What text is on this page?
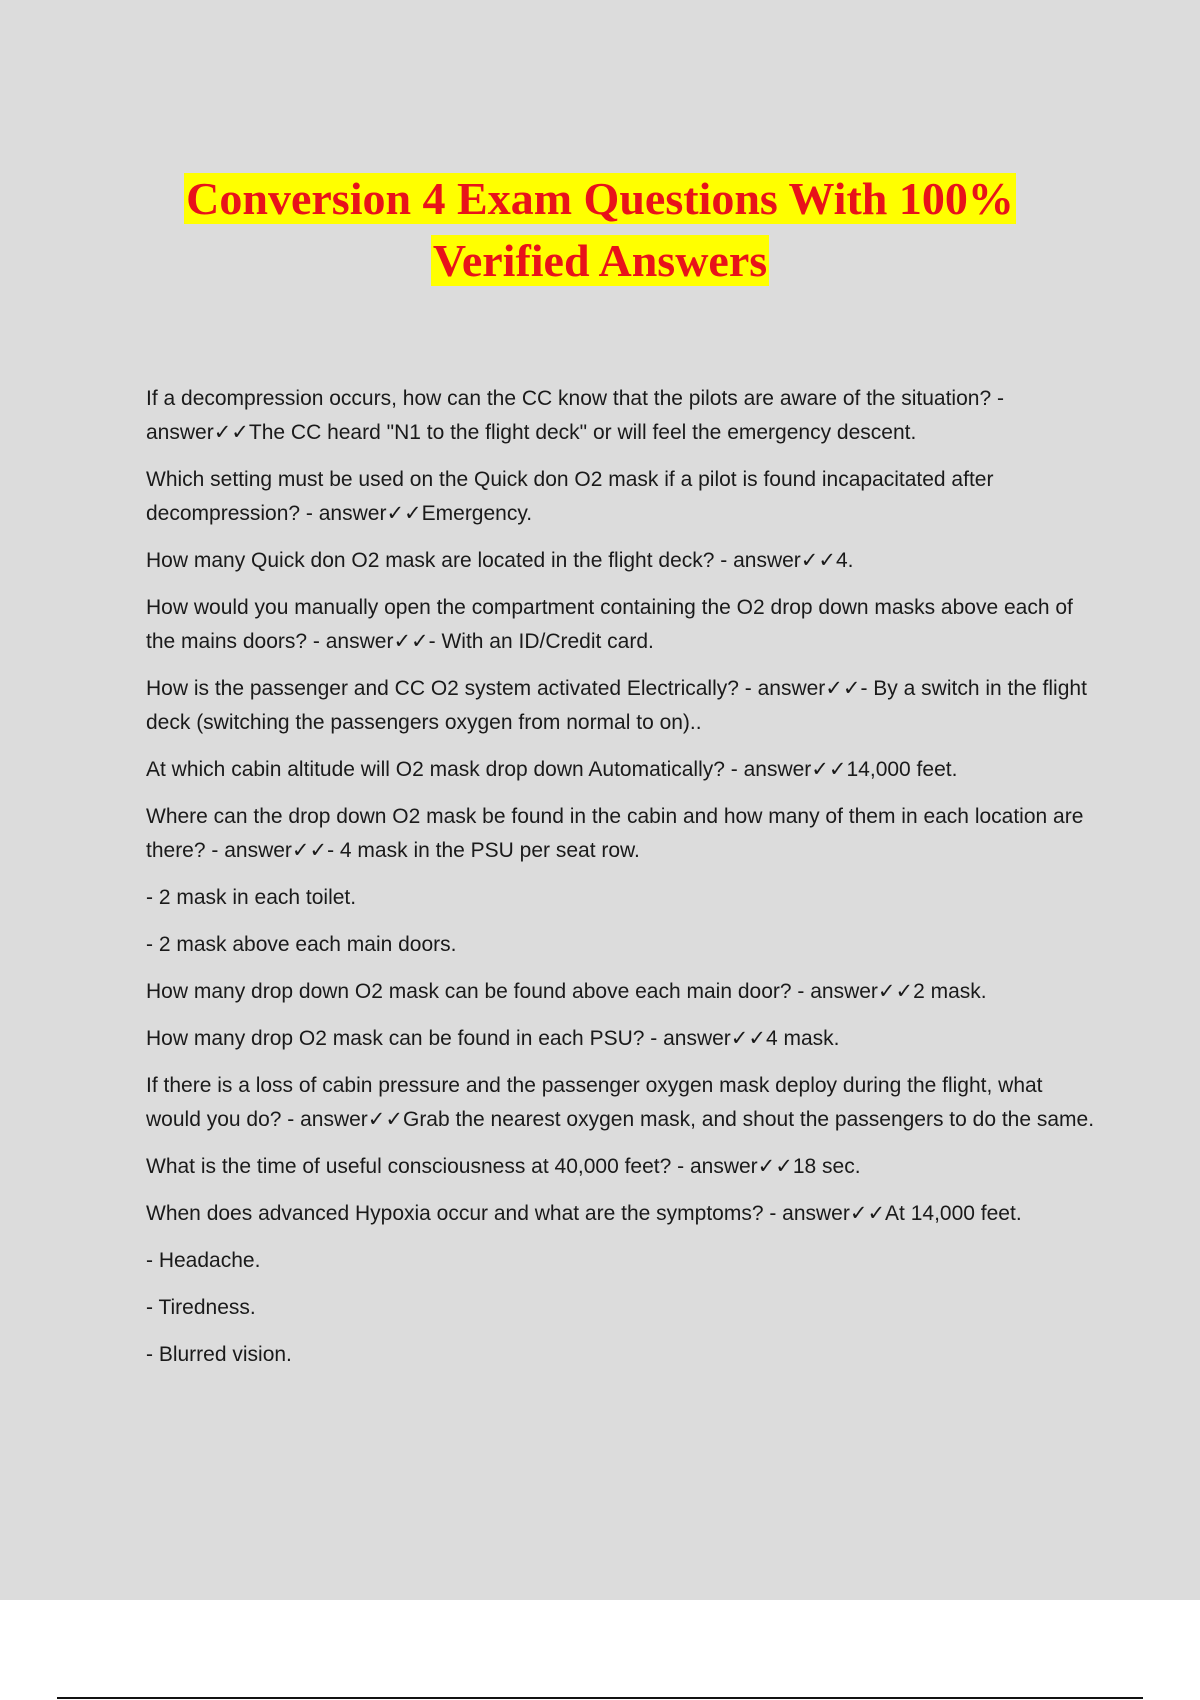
Conversion 4 Exam Questions With 100%
Verified Answers

If a decompression occurs, how can the CC know that the pilots are aware of the situation? - answer✓✓The CC heard "N1 to the flight deck" or will feel the emergency descent.

Which setting must be used on the Quick don O2 mask if a pilot is found incapacitated after decompression? - answer✓✓Emergency.

How many Quick don O2 mask are located in the flight deck? - answer✓✓4.

How would you manually open the compartment containing the O2 drop down masks above each of the mains doors? - answer✓✓- With an ID/Credit card.

How is the passenger and CC O2 system activated Electrically? - answer✓✓- By a switch in the flight deck (switching the passengers oxygen from normal to on)..

At which cabin altitude will O2 mask drop down Automatically? - answer✓✓14,000 feet.

Where can the drop down O2 mask be found in the cabin and how many of them in each location are there? - answer✓✓- 4 mask in the PSU per seat row.

- 2 mask in each toilet.

- 2 mask above each main doors.

How many drop down O2 mask can be found above each main door? - answer✓✓2 mask.

How many drop O2 mask can be found in each PSU? - answer✓✓4 mask.

If there is a loss of cabin pressure and the passenger oxygen mask deploy during the flight, what would you do? - answer✓✓Grab the nearest oxygen mask, and shout the passengers to do the same.

What is the time of useful consciousness at 40,000 feet? - answer✓✓18 sec.

When does advanced Hypoxia occur and what are the symptoms? - answer✓✓At 14,000 feet.

- Headache.

- Tiredness.

- Blurred vision.
